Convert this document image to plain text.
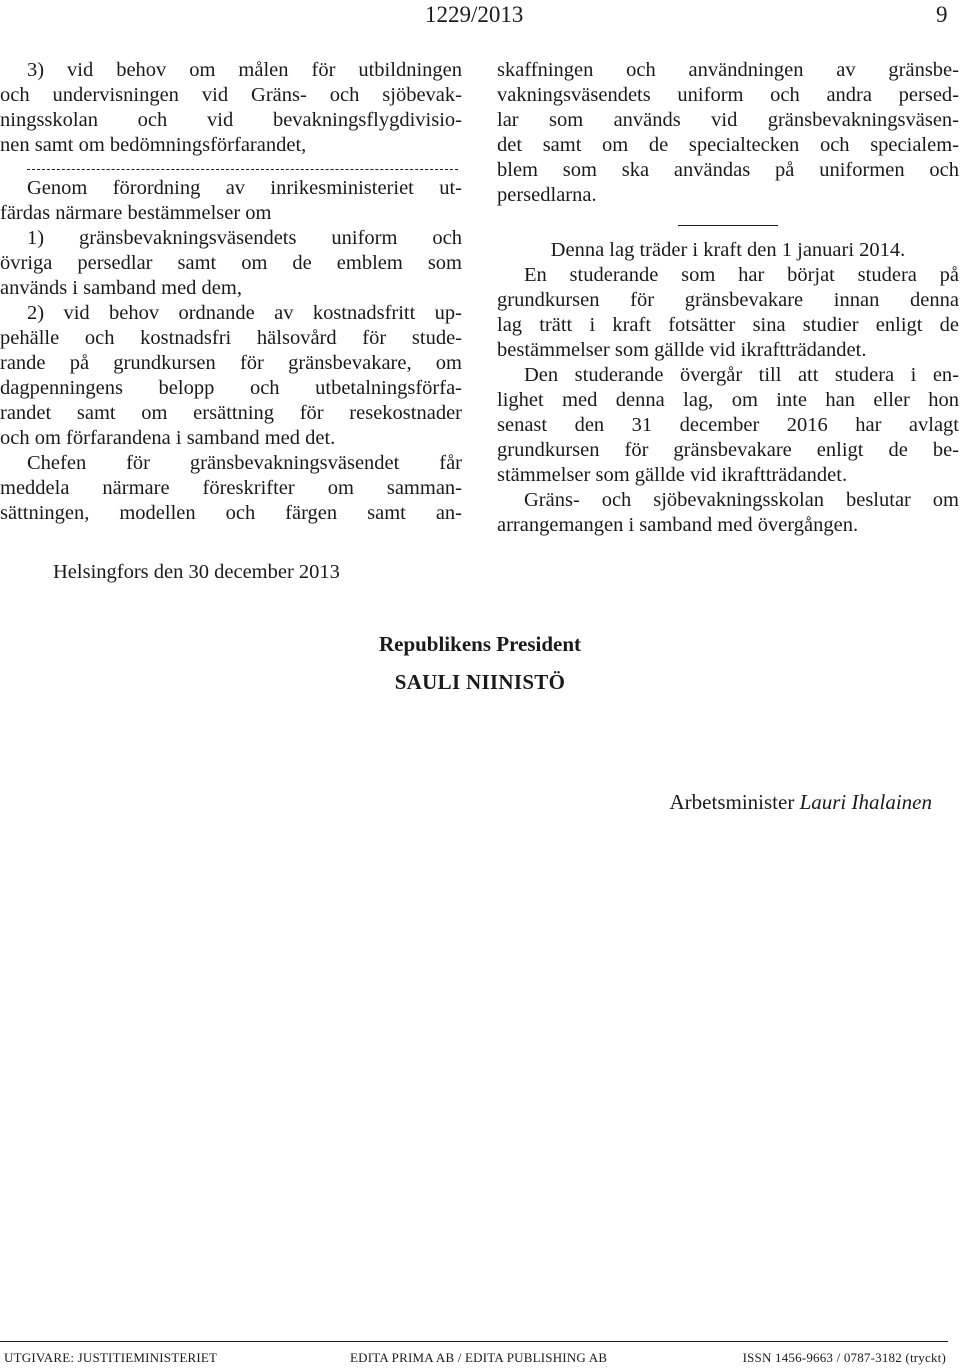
1229/2013	9

3) vid behov om målen för utbildningen
och undervisningen vid Gräns- och sjöbevak-
ningsskolan och vid bevakningsflygdivisio-
nen samt om bedömningsförfarandet,

Genom förordning av inrikesministeriet ut-
färdas närmare bestämmelser om

1) gränsbevakningsväsendets uniform och
övriga persedlar samt om de emblem som
används i samband med dem,

2) vid behov ordnande av kostnadsfritt up-
pehälle och kostnadsfri hälsovård för stude-
rande på grundkursen för gränsbevakare, om
dagpenningens belopp och utbetalningsförfa-
randet samt om ersättning för resekostnader
och om förfarandena i samband med det.

Chefen för gränsbevakningsväsendet får
meddela närmare föreskrifter om samman-
sättningen, modellen och färgen samt an-

skaffningen och användningen av gränsbe-
vakningsväsendets uniform och andra persed-
lar som används vid gränsbevakningsväsen-
det samt om de specialtecken och specialem-
blem som ska användas på uniformen och
persedlarna.

Denna lag träder i kraft den 1 januari 2014.

En studerande som har börjat studera på
grundkursen för gränsbevakare innan denna
lag trätt i kraft fotsätter sina studier enligt de
bestämmelser som gällde vid ikraftträdandet.
Den studerande övergår till att studera i en-
lighet med denna lag, om inte han eller hon
senast den 31 december 2016 har avlagt
grundkursen för gränsbevakare enligt de be-
stämmelser som gällde vid ikraftträdandet.
Gräns- och sjöbevakningsskolan beslutar om
arrangemangen i samband med övergången.

Helsingfors den 30 december 2013
Republikens President
SAULI NIINISTÖ
Arbetsminister Lauri Ihalainen
UTGIVARE: JUSTITIEMINISTERIET	EDITA PRIMA AB / EDITA PUBLISHING AB	ISSN 1456-9663 / 0787-3182 (tryckt)
